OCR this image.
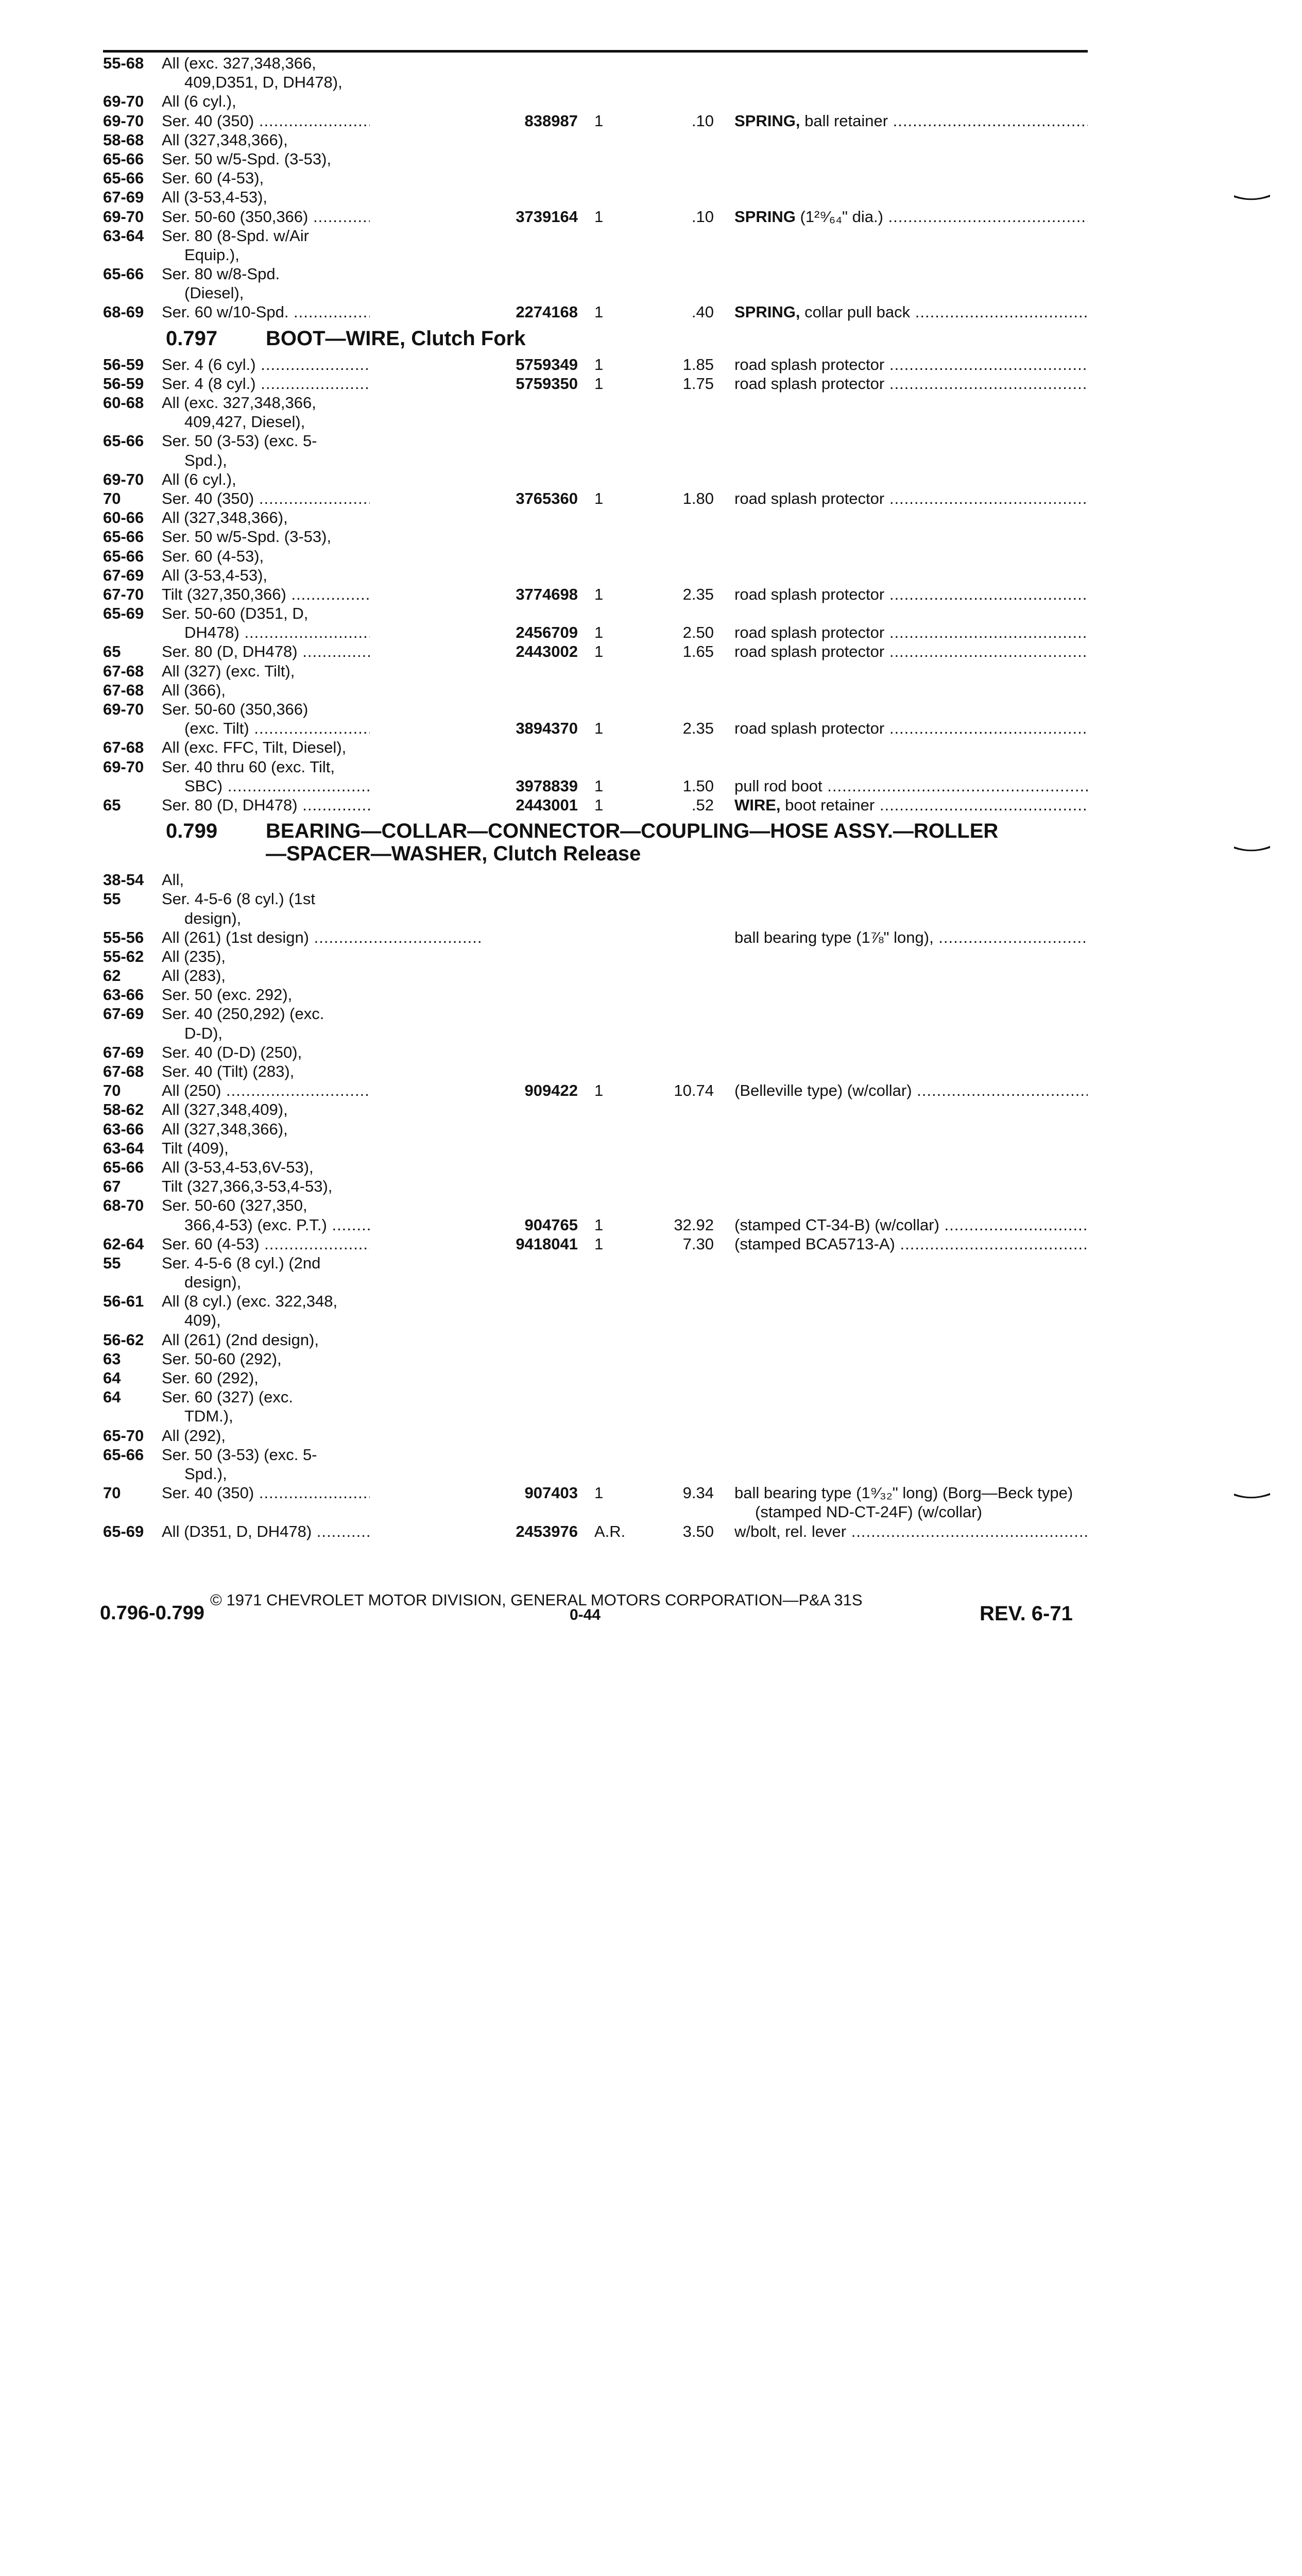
55-68	All (exc. 327,348,366,
409,D351, D, DH478),
69-70	All (6 cyl.),
69-70	Ser. 40 (350) .....	838987 1	.10 SPRING, ball retainer .....
58-68	All (327,348,366),
65-66	Ser. 50 w/5-Spd. (3-53),
65-66	Ser. 60 (4-53),
67-69	All (3-53,4-53),
69-70	Ser. 50-60 (350,366) .....	3739164 1	.10 SPRING (1²⁹⁄₆₄" dia.) .....
63-64	Ser. 80 (8-Spd. w/Air
Equip.),
65-66	Ser. 80 w/8-Spd.
(Diesel),
68-69	Ser. 60 w/10-Spd. .....	2274168 1	.40 SPRING, collar pull back .....
0.797 BOOT—WIRE, Clutch Fork
56-59	Ser. 4 (6 cyl.) .....	5759349 1	1.85 road splash protector .....
56-59	Ser. 4 (8 cyl.) .....	5759350 1	1.75 road splash protector .....
60-68	All (exc. 327,348,366,
409,427, Diesel),
65-66	Ser. 50 (3-53) (exc. 5-
Spd.),
69-70	All (6 cyl.),
70	Ser. 40 (350) .....	3765360 1	1.80 road splash protector .....
60-66	All (327,348,366),
65-66	Ser. 50 w/5-Spd. (3-53),
65-66	Ser. 60 (4-53),
67-69	All (3-53,4-53),
67-70	Tilt (327,350,366) .....	3774698 1	2.35 road splash protector .....
65-69	Ser. 50-60 (D351, D,
DH478) .....	2456709 1	2.50 road splash protector .....
65	Ser. 80 (D, DH478) .....	2443002 1	1.65 road splash protector .....
67-68	All (327) (exc. Tilt),
67-68	All (366),
69-70	Ser. 50-60 (350,366)
(exc. Tilt) .....	3894370 1	2.35 road splash protector .....
67-68	All (exc. FFC, Tilt, Diesel),
69-70	Ser. 40 thru 60 (exc. Tilt,
SBC) .....	3978839 1	1.50 pull rod boot .....
65	Ser. 80 (D, DH478) .....	2443001 1	.52 WIRE, boot retainer .....
0.799 BEARING—COLLAR—CONNECTOR—COUPLING—HOSE ASSY.—ROLLER
—SPACER—WASHER, Clutch Release
38-54	All,
55	Ser. 4-5-6 (8 cyl.) (1st
design),
55-56	All (261) (1st design) .....	ball bearing type (1⅞" long), .....
55-62	All (235),
62	All (283),
63-66	Ser. 50 (exc. 292),
67-69	Ser. 40 (250,292) (exc.
D-D),
67-69	Ser. 40 (D-D) (250),
67-68	Ser. 40 (Tilt) (283),
70	All (250) .....	909422 1	10.74 (Belleville type) (w/collar) .....
58-62	All (327,348,409),
63-66	All (327,348,366),
63-64	Tilt (409),
65-66	All (3-53,4-53,6V-53),
67	Tilt (327,366,3-53,4-53),
68-70	Ser. 50-60 (327,350,
366,4-53) (exc. P.T.) .....	904765 1	32.92 (stamped CT-34-B) (w/collar) .....
62-64	Ser. 60 (4-53) .....	9418041 1	7.30 (stamped BCA5713-A) .....
55	Ser. 4-5-6 (8 cyl.) (2nd
design),
56-61	All (8 cyl.) (exc. 322,348,
409),
56-62	All (261) (2nd design),
63	Ser. 50-60 (292),
64	Ser. 60 (292),
64	Ser. 60 (327) (exc.
TDM.),
65-70	All (292),
65-66	Ser. 50 (3-53) (exc. 5-
Spd.),
70	Ser. 40 (350) .....	907403 1	9.34 ball bearing type (1⁹⁄₃₂" long) (Borg—Beck type)
(stamped ND-CT-24F) (w/collar)
65-69	All (D351, D, DH478) .....	2453976 A.R.	3.50 w/bolt, rel. lever .....
© 1971 CHEVROLET MOTOR DIVISION, GENERAL MOTORS CORPORATION—P&A 31S
0.796-0.799	0-44	REV. 6-71
